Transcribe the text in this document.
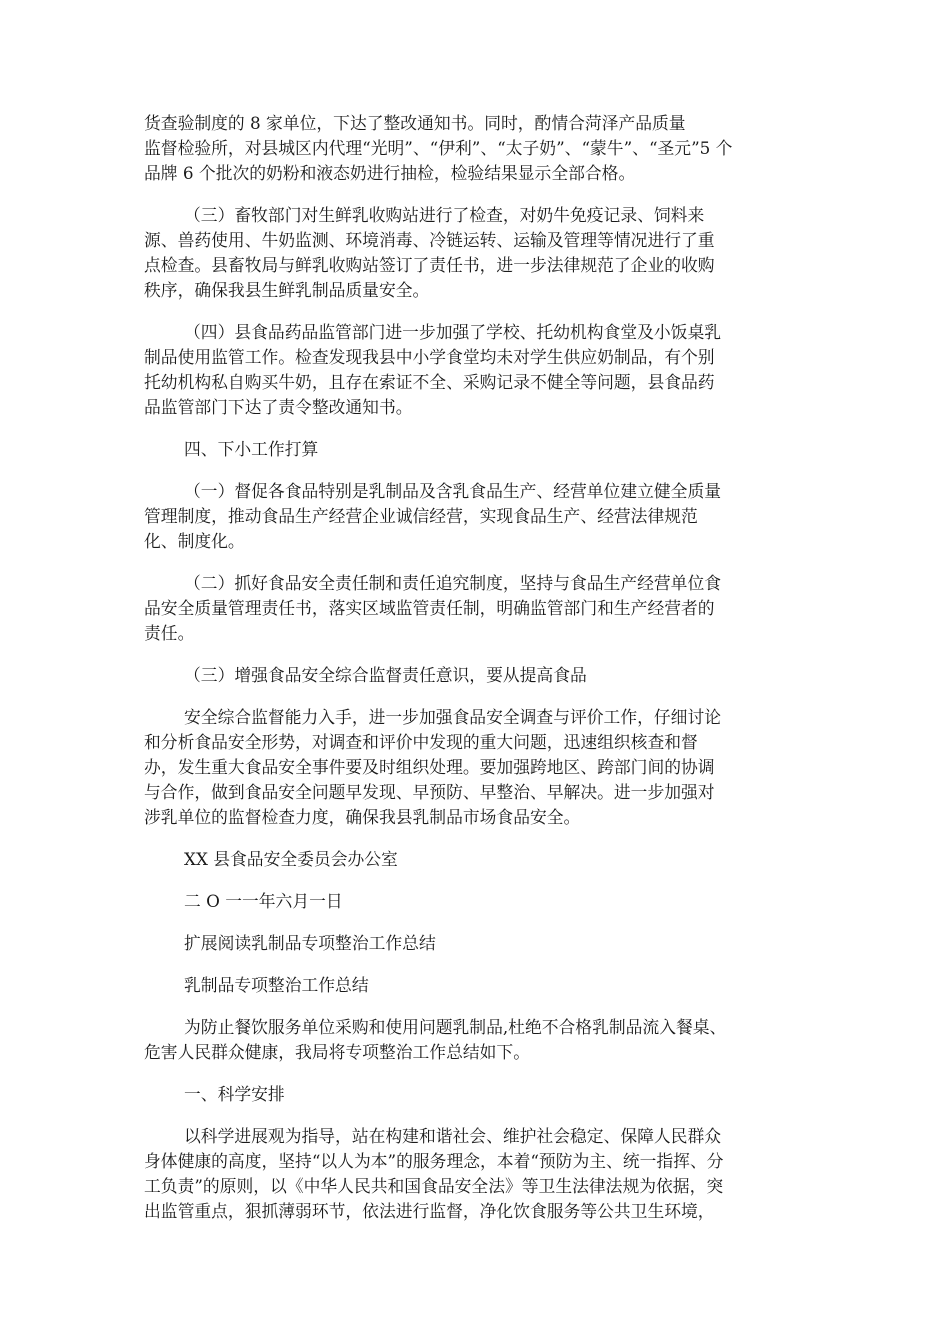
货查验制度的 8 家单位，下达了整改通知书。同时，酌情合菏泽产品质量
监督检验所，对县城区内代理“光明”、“伊利”、“太子奶”、“蒙牛”、“圣元”5 个
品牌 6 个批次的奶粉和液态奶进行抽检，检验结果显示全部合格。
（三）畜牧部门对生鲜乳收购站进行了检查，对奶牛免疫记录、饲料来
源、兽药使用、牛奶监测、环境消毒、冷链运转、运输及管理等情况进行了重
点检查。县畜牧局与鲜乳收购站签订了责任书，进一步法律规范了企业的收购
秩序，确保我县生鲜乳制品质量安全。
（四）县食品药品监管部门进一步加强了学校、托幼机构食堂及小饭桌乳
制品使用监管工作。检查发现我县中小学食堂均未对学生供应奶制品，有个别
托幼机构私自购买牛奶，且存在索证不全、采购记录不健全等问题，县食品药
品监管部门下达了责令整改通知书。
四、下小工作打算
（一）督促各食品特别是乳制品及含乳食品生产、经营单位建立健全质量
管理制度，推动食品生产经营企业诚信经营，实现食品生产、经营法律规范
化、制度化。
（二）抓好食品安全责任制和责任追究制度，坚持与食品生产经营单位食
品安全质量管理责任书，落实区域监管责任制，明确监管部门和生产经营者的
责任。
（三）增强食品安全综合监督责任意识，要从提高食品
安全综合监督能力入手，进一步加强食品安全调查与评价工作，仔细讨论
和分析食品安全形势，对调查和评价中发现的重大问题，迅速组织核查和督
办，发生重大食品安全事件要及时组织处理。要加强跨地区、跨部门间的协调
与合作，做到食品安全问题早发现、早预防、早整治、早解决。进一步加强对
涉乳单位的监督检查力度，确保我县乳制品市场食品安全。
XX 县食品安全委员会办公室
二 O 一一年六月一日
扩展阅读乳制品专项整治工作总结
乳制品专项整治工作总结
为防止餐饮服务单位采购和使用问题乳制品,杜绝不合格乳制品流入餐桌、
危害人民群众健康，我局将专项整治工作总结如下。
一、科学安排
以科学进展观为指导，站在构建和谐社会、维护社会稳定、保障人民群众
身体健康的高度，坚持“以人为本”的服务理念，本着“预防为主、统一指挥、分
工负责”的原则，以《中华人民共和国食品安全法》等卫生法律法规为依据，突
出监管重点，狠抓薄弱环节，依法进行监督，净化饮食服务等公共卫生环境，
